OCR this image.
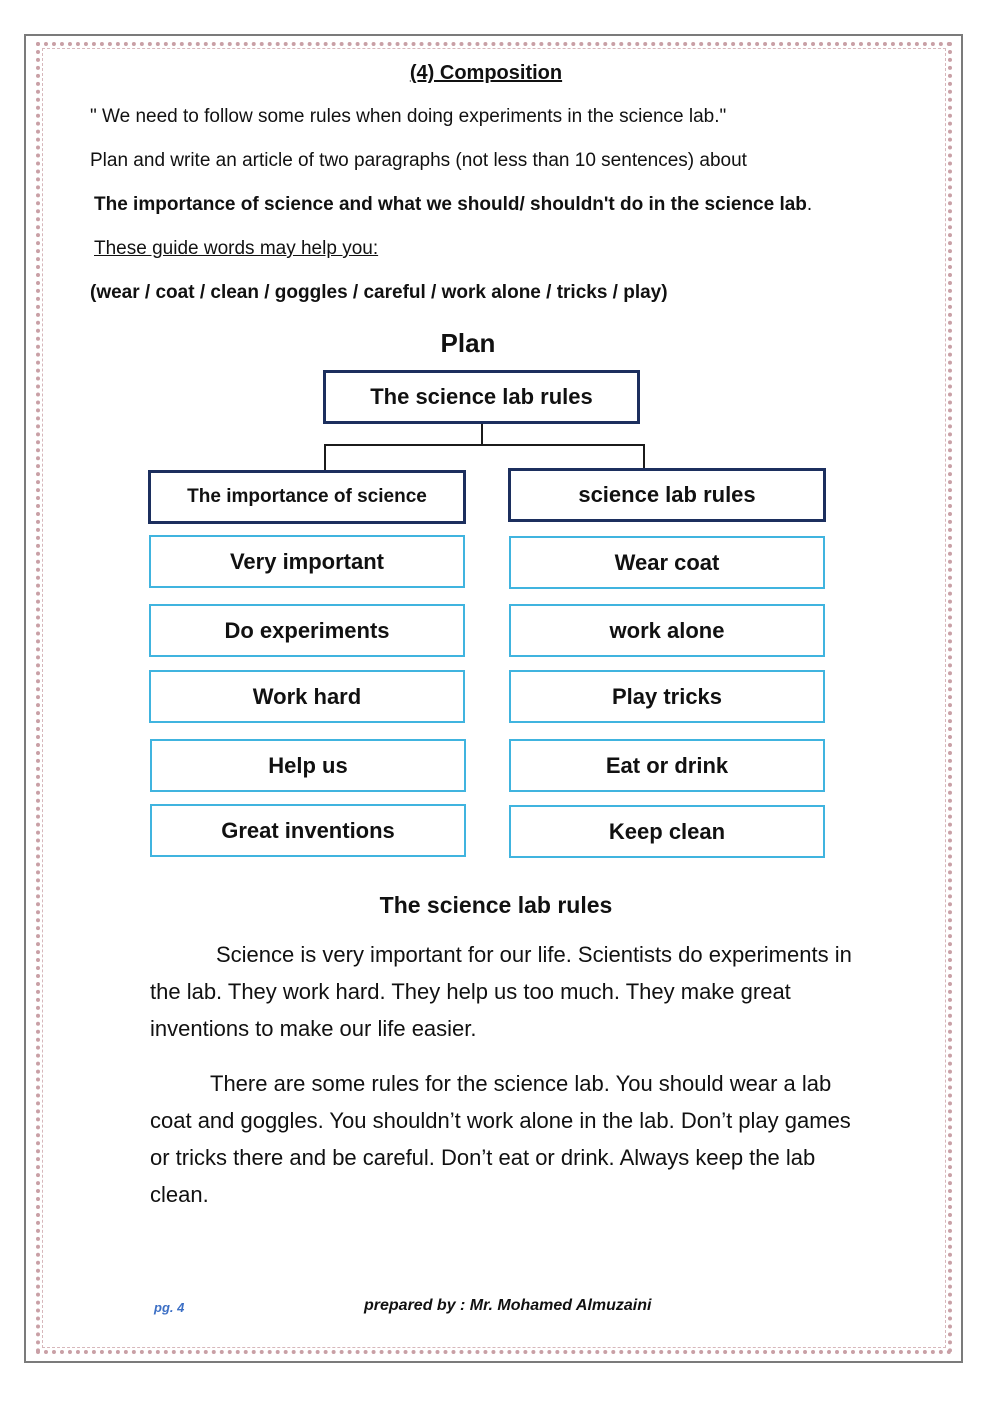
(4) Composition
" We need to follow some rules when doing experiments in the science lab."
Plan and write an article of two paragraphs (not less than 10 sentences) about
The importance of science and what we should/ shouldn't do in the science lab.
These guide words may help you:
(wear / coat / clean / goggles / careful / work alone / tricks / play)
Plan
The science lab rules
The importance of science	science lab rules
Very important
Do experiments
Work hard
Help us
Great inventions
Wear coat
work alone
Play tricks
Eat or drink
Keep clean
The science lab rules
Science is very important for our life. Scientists do experiments in the lab. They work hard. They help us too much. They make great inventions to make our life easier.
There are some rules for the science lab. You should wear a lab coat and goggles. You shouldn’t work alone in the lab. Don’t play games or tricks there and be careful. Don’t eat or drink. Always keep the lab clean.
pg. 4	prepared by : Mr. Mohamed Almuzaini
